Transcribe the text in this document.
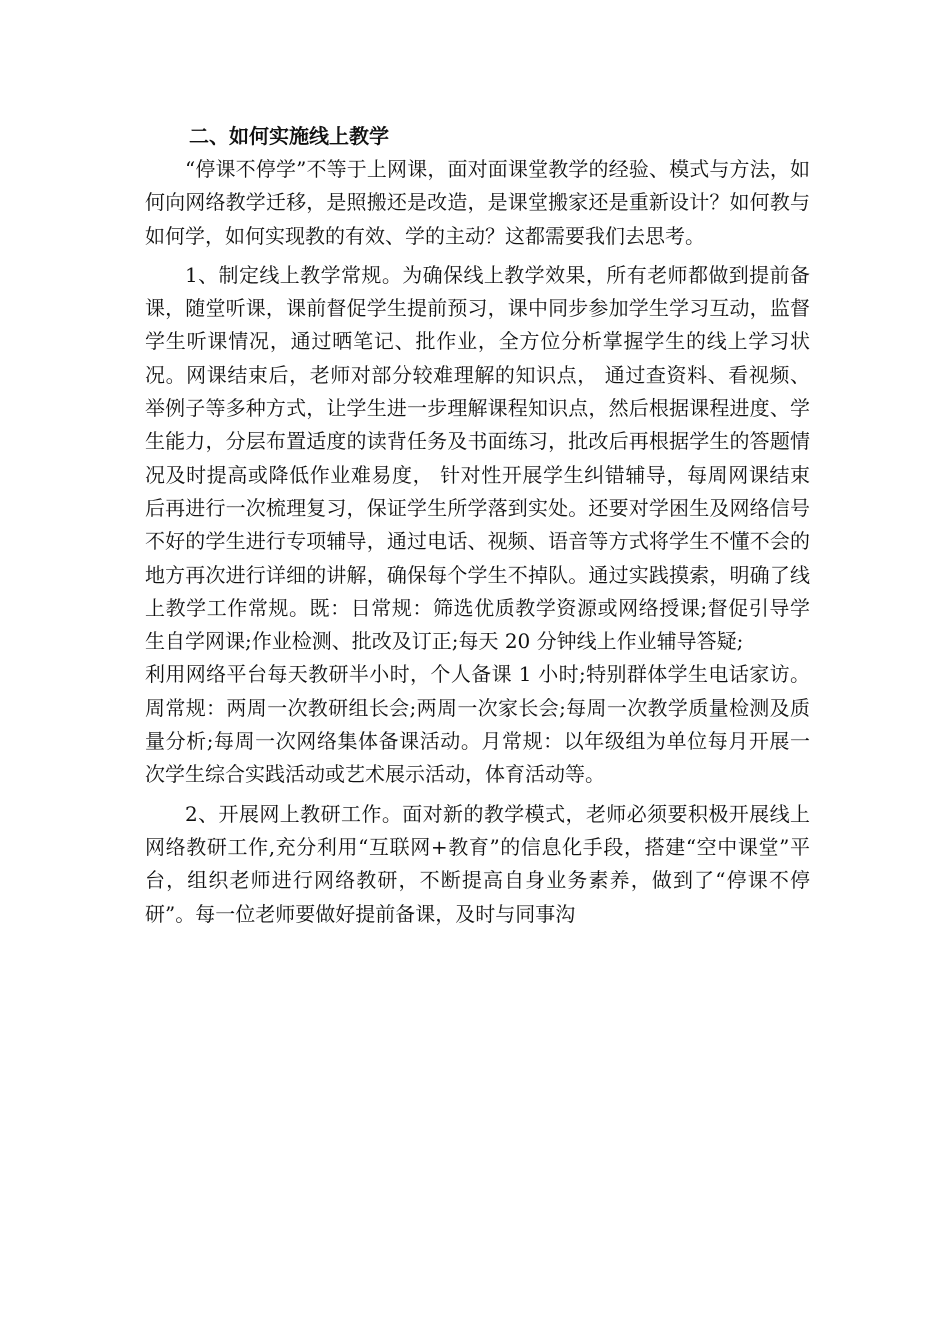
二、如何实施线上教学

“停课不停学”不等于上网课，面对面课堂教学的经验、模式与方法，如何向网络教学迁移，是照搬还是改造，是课堂搬家还是重新设计？如何教与如何学，如何实现教的有效、学的主动？这都需要我们去思考。

1、制定线上教学常规。为确保线上教学效果，所有老师都做到提前备课，随堂听课，课前督促学生提前预习，课中同步参加学生学习互动，监督学生听课情况，通过晒笔记、批作业，全方位分析掌握学生的线上学习状况。网课结束后，老师对部分较难理解的知识点， 通过查资料、看视频、举例子等多种方式，让学生进一步理解课程知识点，然后根据课程进度、学生能力，分层布置适度的读背任务及书面练习，批改后再根据学生的答题情况及时提高或降低作业难易度， 针对性开展学生纠错辅导，每周网课结束后再进行一次梳理复习，保证学生所学落到实处。还要对学困生及网络信号不好的学生进行专项辅导，通过电话、视频、语音等方式将学生不懂不会的地方再次进行详细的讲解，确保每个学生不掉队。通过实践摸索，明确了线上教学工作常规。既：日常规：筛选优质教学资源或网络授课;督促引导学生自学网课;作业检测、批改及订正;每天 20 分钟线上作业辅导答疑;

利用网络平台每天教研半小时，个人备课 1 小时;特别群体学生电话家访。周常规：两周一次教研组长会;两周一次家长会;每周一次教学质量检测及质量分析;每周一次网络集体备课活动。月常规：以年级组为单位每月开展一次学生综合实践活动或艺术展示活动，体育活动等。

2、开展网上教研工作。面对新的教学模式，老师必须要积极开展线上网络教研工作,充分利用“互联网+教育”的信息化手段，搭建“空中课堂”平台，组织老师进行网络教研，不断提高自身业务素养，做到了“停课不停研”。每一位老师要做好提前备课，及时与同事沟
